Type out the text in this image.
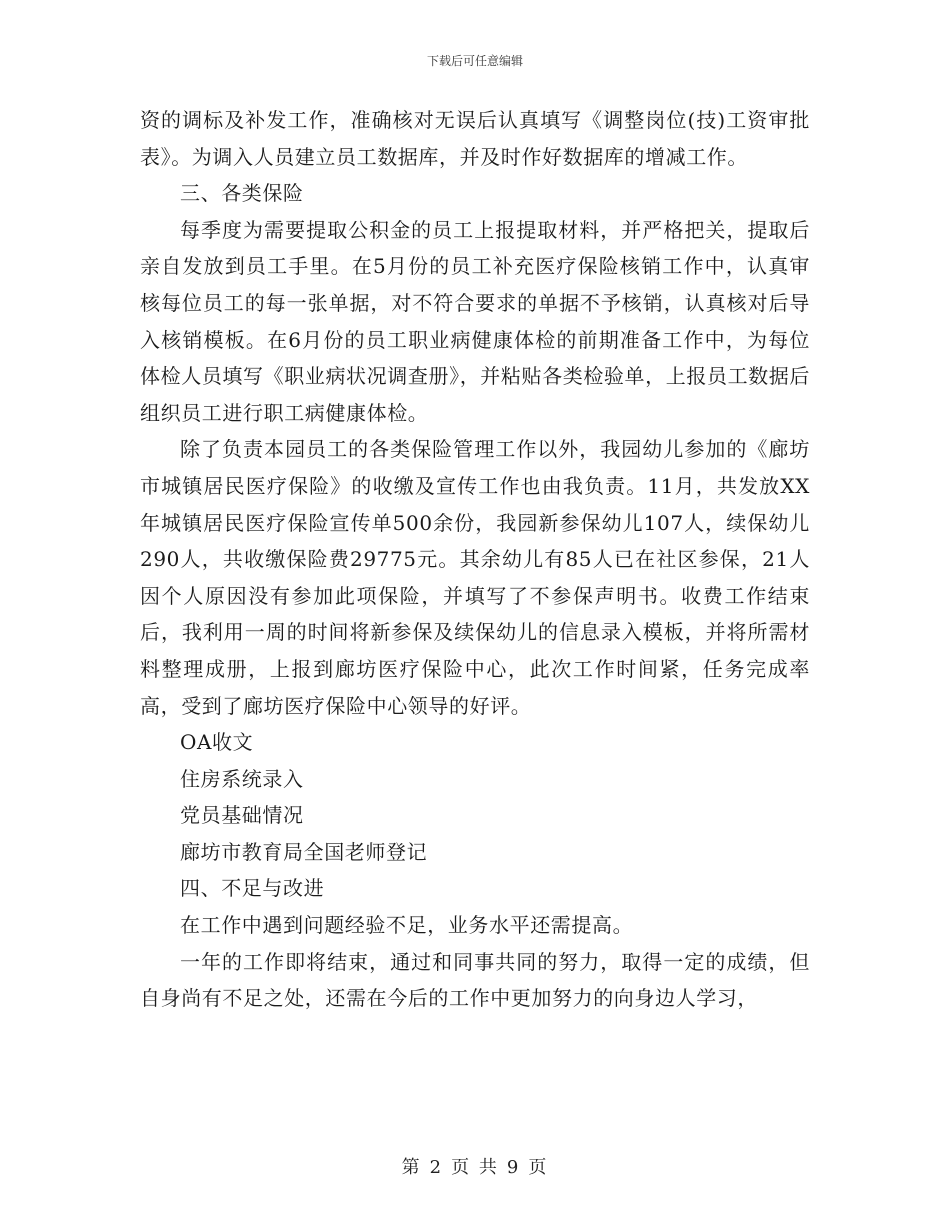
下载后可任意编辑

资的调标及补发工作，准确核对无误后认真填写《调整岗位(技)工资审批表》。为调入人员建立员工数据库，并及时作好数据库的增减工作。

三、各类保险

每季度为需要提取公积金的员工上报提取材料，并严格把关，提取后亲自发放到员工手里。在5月份的员工补充医疗保险核销工作中，认真审核每位员工的每一张单据，对不符合要求的单据不予核销，认真核对后导入核销模板。在6月份的员工职业病健康体检的前期准备工作中，为每位体检人员填写《职业病状况调查册》，并粘贴各类检验单，上报员工数据后组织员工进行职工病健康体检。

除了负责本园员工的各类保险管理工作以外，我园幼儿参加的《廊坊市城镇居民医疗保险》的收缴及宣传工作也由我负责。11月，共发放XX年城镇居民医疗保险宣传单500余份，我园新参保幼儿107人，续保幼儿290人，共收缴保险费29775元。其余幼儿有85人已在社区参保，21人因个人原因没有参加此项保险，并填写了不参保声明书。收费工作结束后，我利用一周的时间将新参保及续保幼儿的信息录入模板，并将所需材料整理成册，上报到廊坊医疗保险中心，此次工作时间紧，任务完成率高，受到了廊坊医疗保险中心领导的好评。

OA收文

住房系统录入

党员基础情况

廊坊市教育局全国老师登记

四、不足与改进

在工作中遇到问题经验不足，业务水平还需提高。

一年的工作即将结束，通过和同事共同的努力，取得一定的成绩，但自身尚有不足之处，还需在今后的工作中更加努力的向身边人学习，

第 2 页 共 9 页
